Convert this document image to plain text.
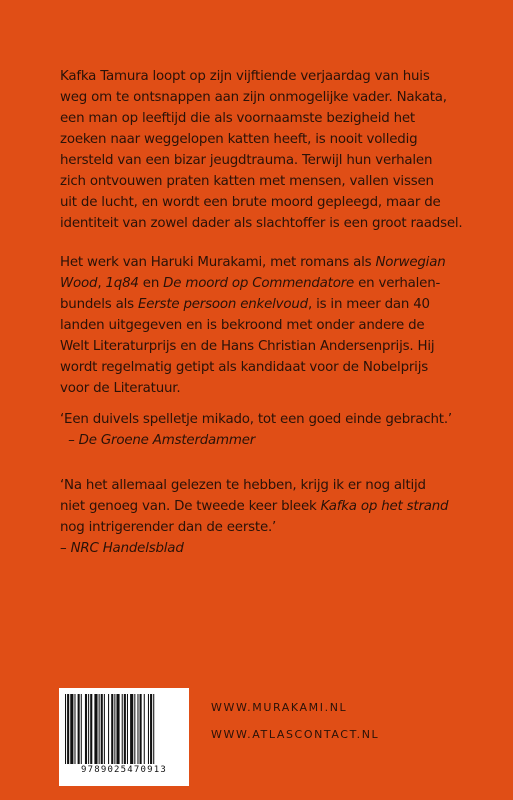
Kafka Tamura loopt op zijn vijftiende verjaardag van huis

weg om te ontsnappen aan zijn onmogelijke vader. Nakata,

een man op leeftijd die als voornaamste bezigheid het

zoeken naar weggelopen katten heeft, is nooit volledig

hersteld van een bizar jeugdtrauma. Terwijl hun verhalen

zich ontvouwen praten katten met mensen, vallen vissen

uit de lucht, en wordt een brute moord gepleegd, maar de

identiteit van zowel dader als slachtoffer is een groot raadsel.

Het werk van Haruki Murakami, met romans als Norwegian

Wood, 1q84 en De moord op Commendatore en verhalen-

bundels als Eerste persoon enkelvoud, is in meer dan 40

landen uitgegeven en is bekroond met onder andere de

Welt Literaturprijs en de Hans Christian Andersenprijs. Hij

wordt regelmatig getipt als kandidaat voor de Nobelprijs

voor de Literatuur.

‘Een duivels spelletje mikado, tot een goed einde gebracht.’

– De Groene Amsterdammer

‘Na het allemaal gelezen te hebben, krijg ik er nog altijd

niet genoeg van. De tweede keer bleek Kafka op het strand

nog intrigerender dan de eerste.’

– NRC Handelsblad

9789025470913
WWW.MURAKAMI.NL
WWW.ATLASCONTACT.NL
